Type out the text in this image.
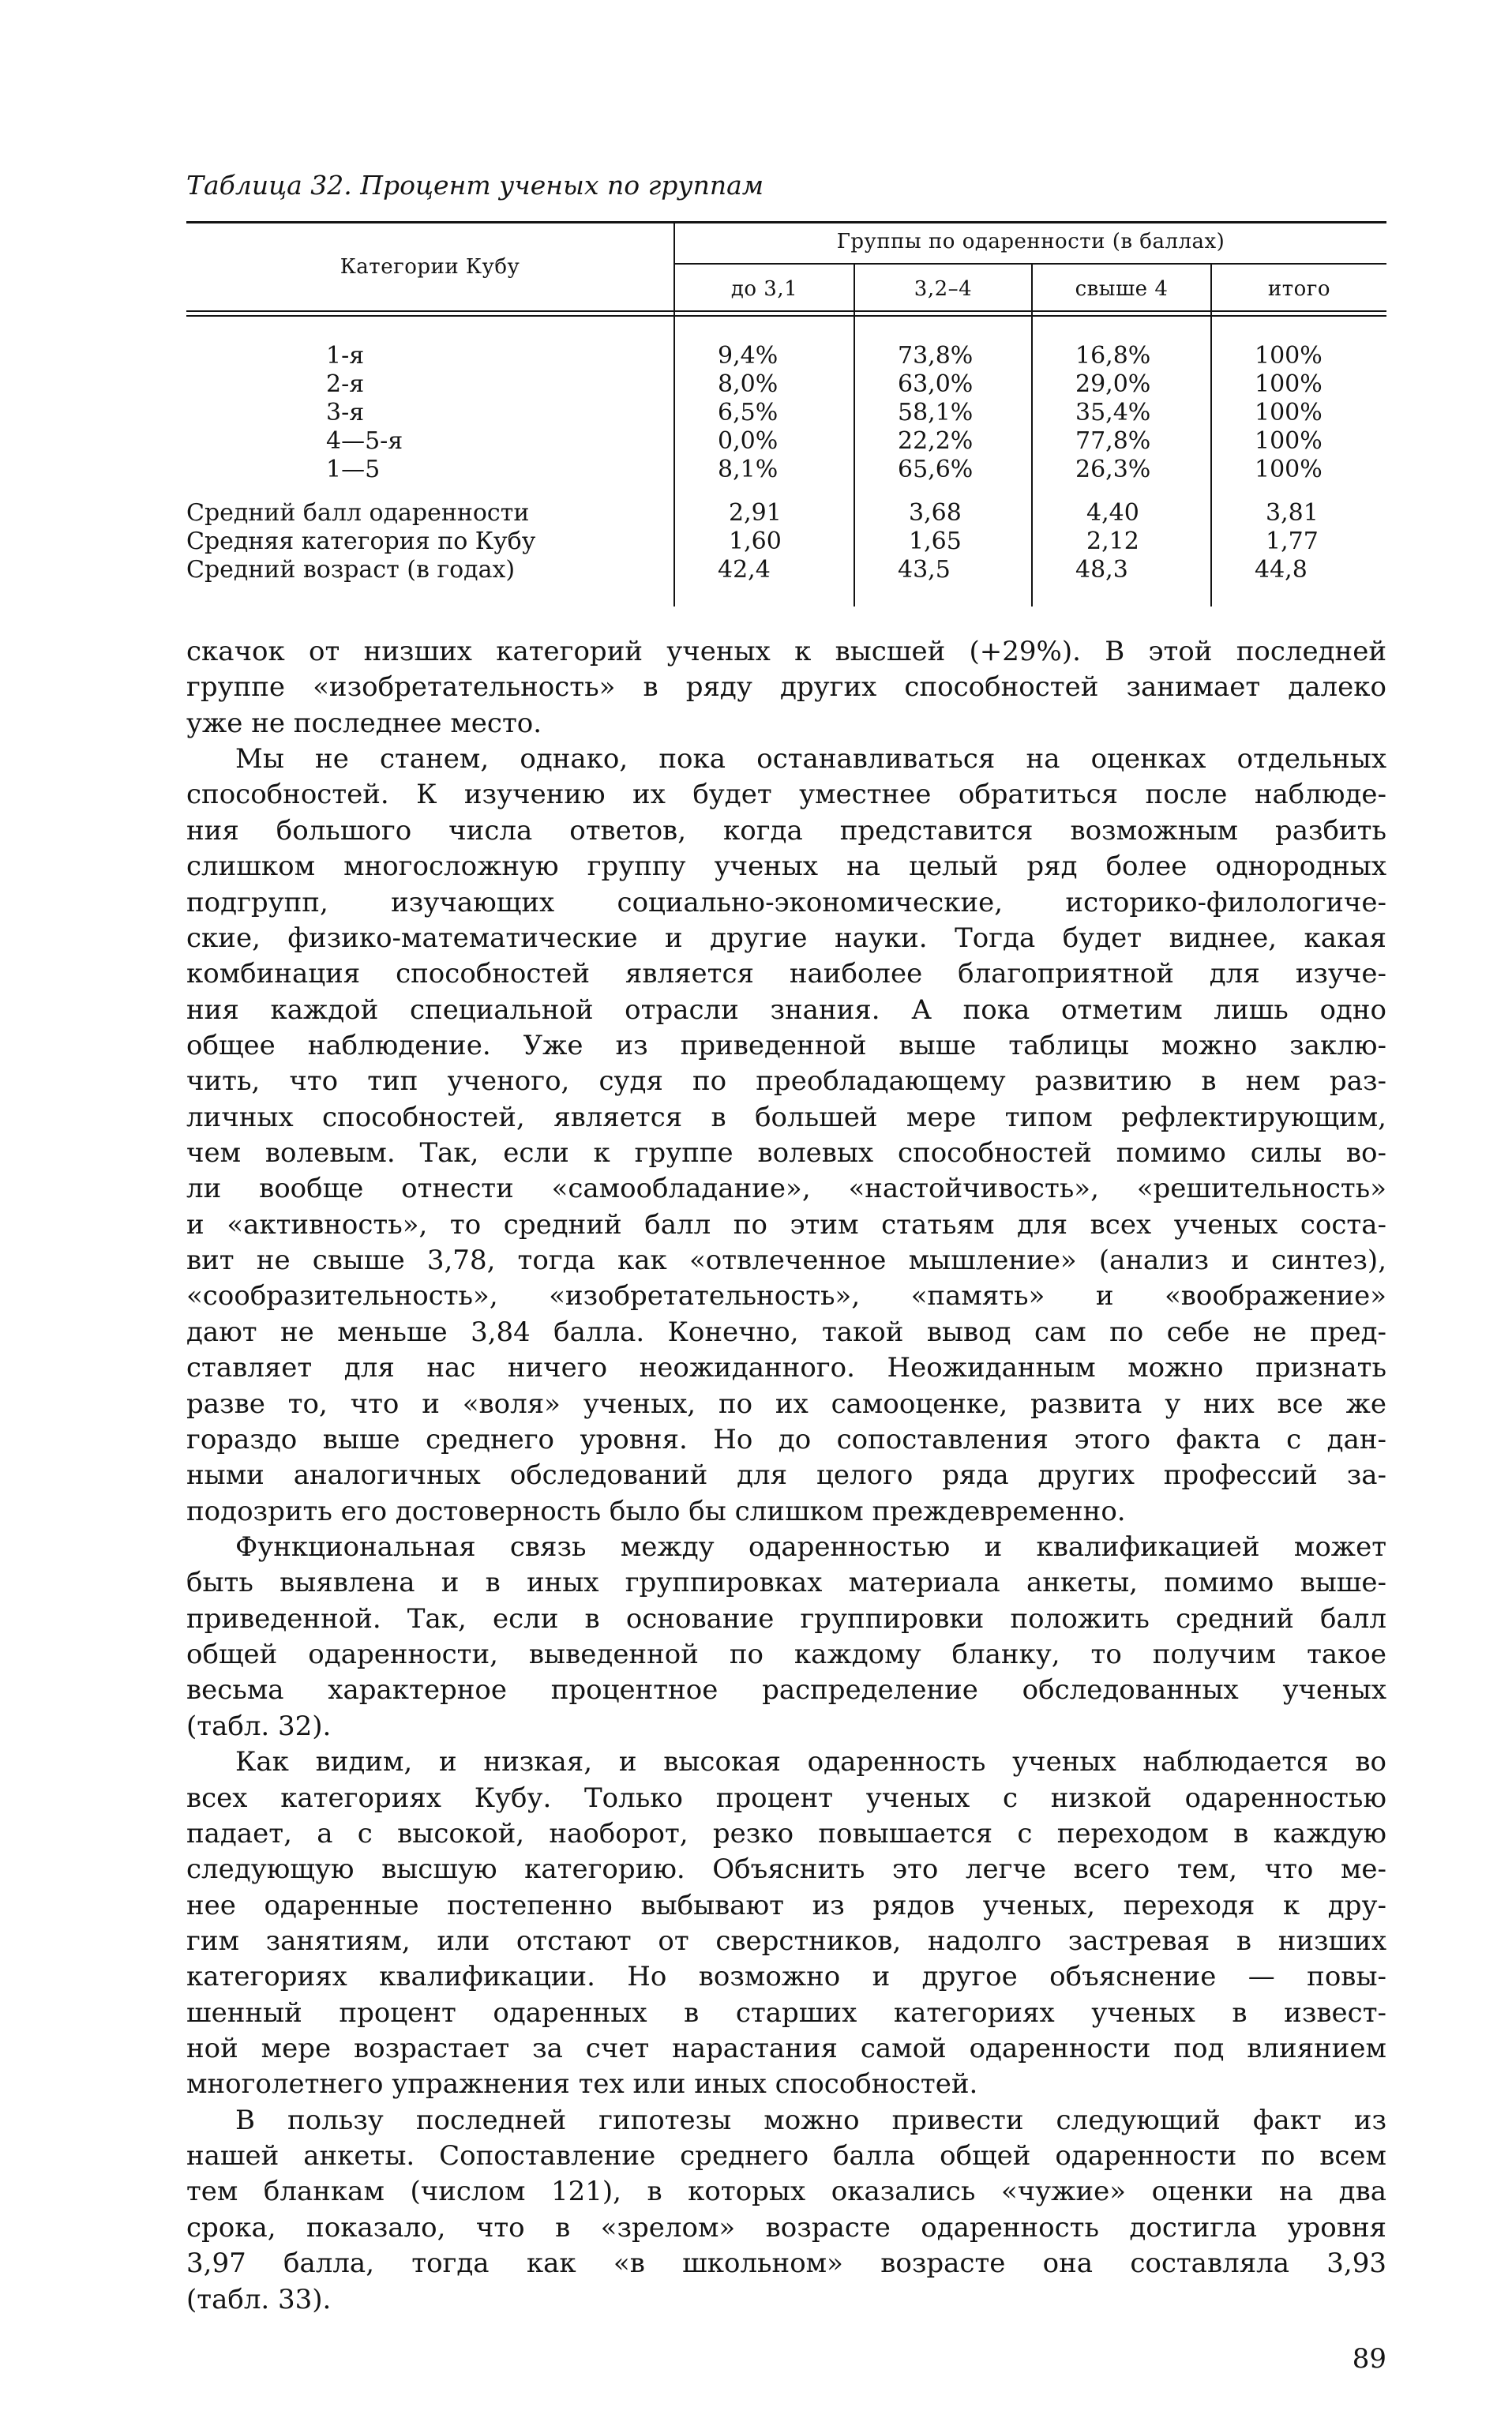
Таблица 32. Процент ученых по группам
Категории Кубу
Группы по одаренности (в баллах)
до 3,1	3,2–4	свыше 4	итого
1-я	9,4%	73,8%	16,8%	100%
2-я	8,0%	63,0%	29,0%	100%
3-я	6,5%	58,1%	35,4%	100%
4—5-я	0,0%	22,2%	77,8%	100%
1—5	8,1%	65,6%	26,3%	100%
Средний балл одаренности	2,91	3,68	4,40	3,81
Средняя категория по Кубу	1,60	1,65	2,12	1,77
Средний возраст (в годах)	42,4	43,5	48,3	44,8
скачок от низших категорий ученых к высшей (+29%). В этой последней
группе «изобретательность» в ряду других способностей занимает далеко
уже не последнее место.
Мы не станем, однако, пока останавливаться на оценках отдельных
способностей. К изучению их будет уместнее обратиться после наблюде-
ния большого числа ответов, когда представится возможным разбить
слишком многосложную группу ученых на целый ряд более однородных
подгрупп, изучающих социально-экономические, историко-филологиче-
ские, физико-математические и другие науки. Тогда будет виднее, какая
комбинация способностей является наиболее благоприятной для изуче-
ния каждой специальной отрасли знания. А пока отметим лишь одно
общее наблюдение. Уже из приведенной выше таблицы можно заклю-
чить, что тип ученого, судя по преобладающему развитию в нем раз-
личных способностей, является в большей мере типом рефлектирующим,
чем волевым. Так, если к группе волевых способностей помимо силы во-
ли вообще отнести «самообладание», «настойчивость», «решительность»
и «активность», то средний балл по этим статьям для всех ученых соста-
вит не свыше 3,78, тогда как «отвлеченное мышление» (анализ и синтез),
«сообразительность», «изобретательность», «память» и «воображение»
дают не меньше 3,84 балла. Конечно, такой вывод сам по себе не пред-
ставляет для нас ничего неожиданного. Неожиданным можно признать
разве то, что и «воля» ученых, по их самооценке, развита у них все же
гораздо выше среднего уровня. Но до сопоставления этого факта с дан-
ными аналогичных обследований для целого ряда других профессий за-
подозрить его достоверность было бы слишком преждевременно.
Функциональная связь между одаренностью и квалификацией может
быть выявлена и в иных группировках материала анкеты, помимо выше-
приведенной. Так, если в основание группировки положить средний балл
общей одаренности, выведенной по каждому бланку, то получим такое
весьма характерное процентное распределение обследованных ученых
(табл. 32).
Как видим, и низкая, и высокая одаренность ученых наблюдается во
всех категориях Кубу. Только процент ученых с низкой одаренностью
падает, а с высокой, наоборот, резко повышается с переходом в каждую
следующую высшую категорию. Объяснить это легче всего тем, что ме-
нее одаренные постепенно выбывают из рядов ученых, переходя к дру-
гим занятиям, или отстают от сверстников, надолго застревая в низших
категориях квалификации. Но возможно и другое объяснение — повы-
шенный процент одаренных в старших категориях ученых в извест-
ной мере возрастает за счет нарастания самой одаренности под влиянием
многолетнего упражнения тех или иных способностей.
В пользу последней гипотезы можно привести следующий факт из
нашей анкеты. Сопоставление среднего балла общей одаренности по всем
тем бланкам (числом 121), в которых оказались «чужие» оценки на два
срока, показало, что в «зрелом» возрасте одаренность достигла уровня
3,97 балла, тогда как «в школьном» возрасте она составляла 3,93
(табл. 33).
89
